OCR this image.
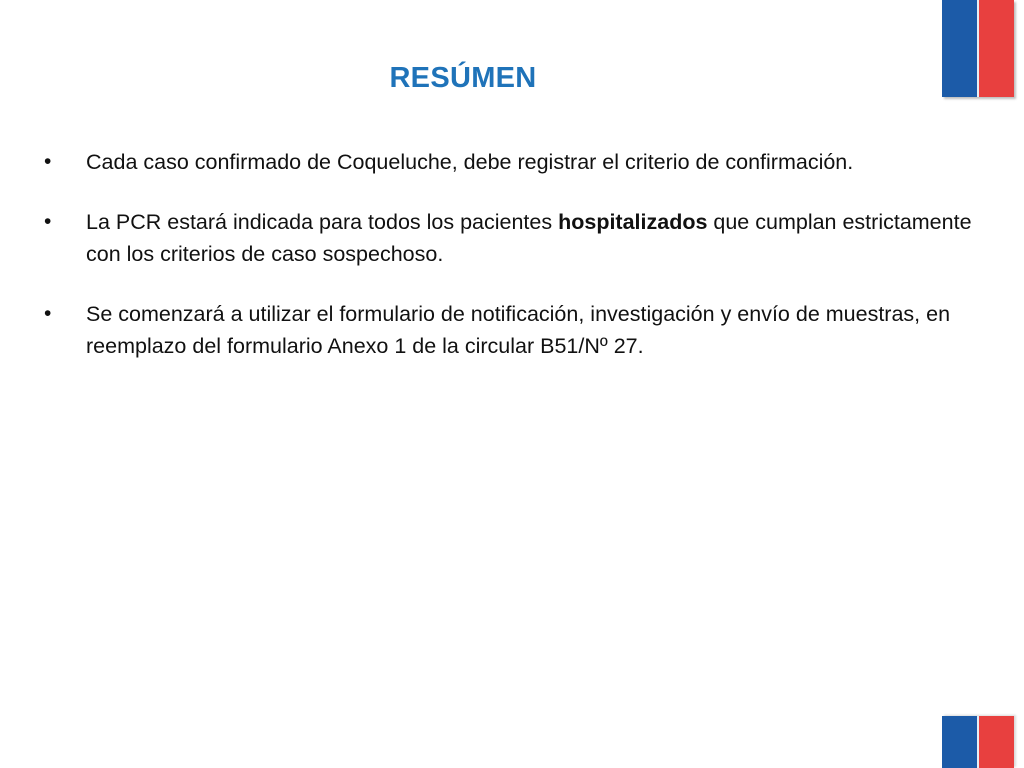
RESÚMEN
• Cada caso confirmado de Coqueluche, debe registrar el criterio de confirmación.
• La PCR estará indicada para todos los pacientes hospitalizados que cumplan estrictamente con los criterios de caso sospechoso.
• Se comenzará a utilizar el formulario de notificación, investigación y envío de muestras, en reemplazo del formulario Anexo 1 de la circular B51/Nº 27.
